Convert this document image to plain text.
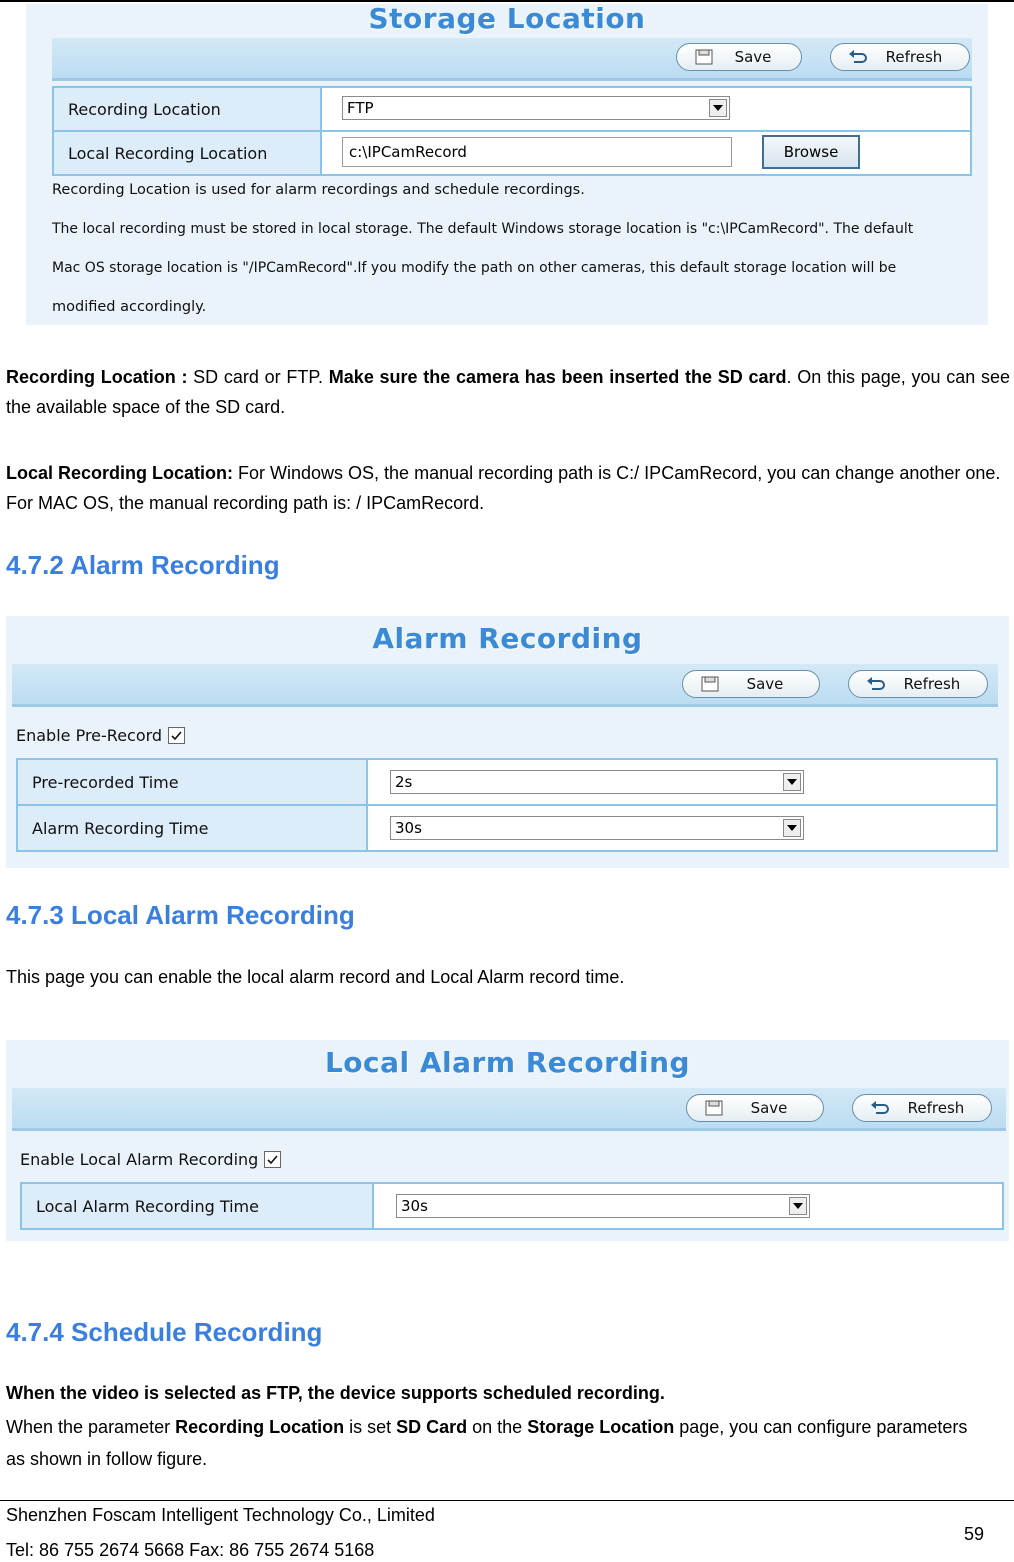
Storage Location
Save	Refresh
Recording Location	FTP
Local Recording Location	c:\IPCamRecord	Browse
Recording Location is used for alarm recordings and schedule recordings.
The local recording must be stored in local storage. The default Windows storage location is "c:\IPCamRecord". The default
Mac OS storage location is "/IPCamRecord".If you modify the path on other cameras, this default storage location will be
modified accordingly.
Recording Location : SD card or FTP. Make sure the camera has been inserted the SD card. On this page, you can see the available space of the SD card.
Local Recording Location: For Windows OS, the manual recording path is C:/ IPCamRecord, you can change another one. For MAC OS, the manual recording path is: / IPCamRecord.
4.7.2 Alarm Recording
Alarm Recording
Save	Refresh
Enable Pre-Record
Pre-recorded Time	2s
Alarm Recording Time	30s
4.7.3 Local Alarm Recording
This page you can enable the local alarm record and Local Alarm record time.
Local Alarm Recording
Save	Refresh
Enable Local Alarm Recording
Local Alarm Recording Time	30s
4.7.4 Schedule Recording
When the video is selected as FTP, the device supports scheduled recording.
When the parameter Recording Location is set SD Card on the Storage Location page, you can configure parameters as shown in follow figure.
Shenzhen Foscam Intelligent Technology Co., Limited
Tel: 86 755 2674 5668 Fax: 86 755 2674 5168
59
